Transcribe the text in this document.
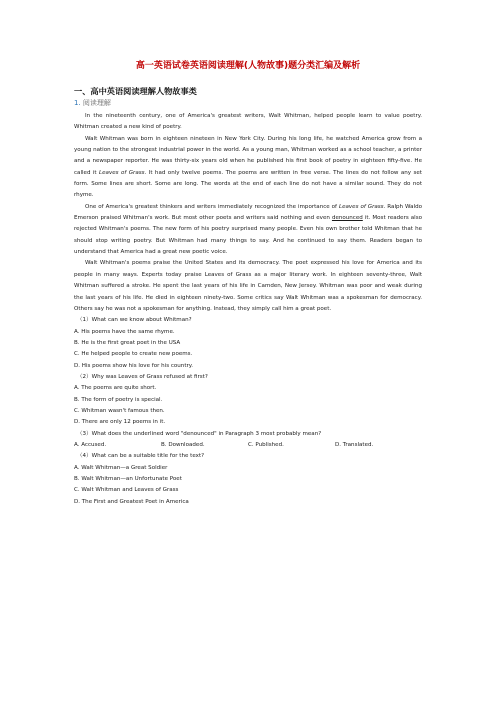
高一英语试卷英语阅读理解(人物故事)题分类汇编及解析
一、高中英语阅读理解人物故事类
1. 阅读理解

In the nineteenth century, one of America's greatest writers, Walt Whitman, helped people learn to value poetry. Whitman created a new kind of poetry.

Walt Whitman was born in eighteen nineteen in New York City. During his long life, he watched America grow from a young nation to the strongest industrial power in the world. As a young man, Whitman worked as a school teacher, a printer and a newspaper reporter. He was thirty-six years old when he published his first book of poetry in eighteen fifty-five. He called it Leaves of Grass. It had only twelve poems. The poems are written in free verse. The lines do not follow any set form. Some lines are short. Some are long. The words at the end of each line do not have a similar sound. They do not rhyme.

One of America's greatest thinkers and writers immediately recognized the importance of Leaves of Grass. Ralph Waldo Emerson praised Whitman's work. But most other poets and writers said nothing and even denounced it. Most readers also rejected Whitman's poems. The new form of his poetry surprised many people. Even his own brother told Whitman that he should stop writing poetry. But Whitman had many things to say. And he continued to say them. Readers began to understand that America had a great new poetic voice.

Walt Whitman's poems praise the United States and its democracy. The poet expressed his love for America and its people in many ways. Experts today praise Leaves of Grass as a major literary work. In eighteen seventy-three, Walt Whitman suffered a stroke. He spent the last years of his life in Camden, New Jersey. Whitman was poor and weak during the last years of his life. He died in eighteen ninety-two. Some critics say Walt Whitman was a spokesman for democracy. Others say he was not a spokesman for anything. Instead, they simply call him a great poet.

（1）What can we know about Whitman?

A. His poems have the same rhyme.

B. He is the first great poet in the USA

C. He helped people to create new poems.

D. His poems show his love for his country.

（2）Why was Leaves of Grass refused at first?

A. The poems are quite short.

B. The form of poetry is special.

C. Whitman wasn't famous then.

D. There are only 12 poems in it.

（3）What does the underlined word "denounced" in Paragraph 3 most probably mean?

A. Accused.	B. Downloaded.	C. Published.	D. Translated.

（4）What can be a suitable title for the text?

A. Walt Whitman—a Great Soldier

B. Walt Whitman—an Unfortunate Poet

C. Walt Whitman and Leaves of Grass

D. The First and Greatest Poet in America
